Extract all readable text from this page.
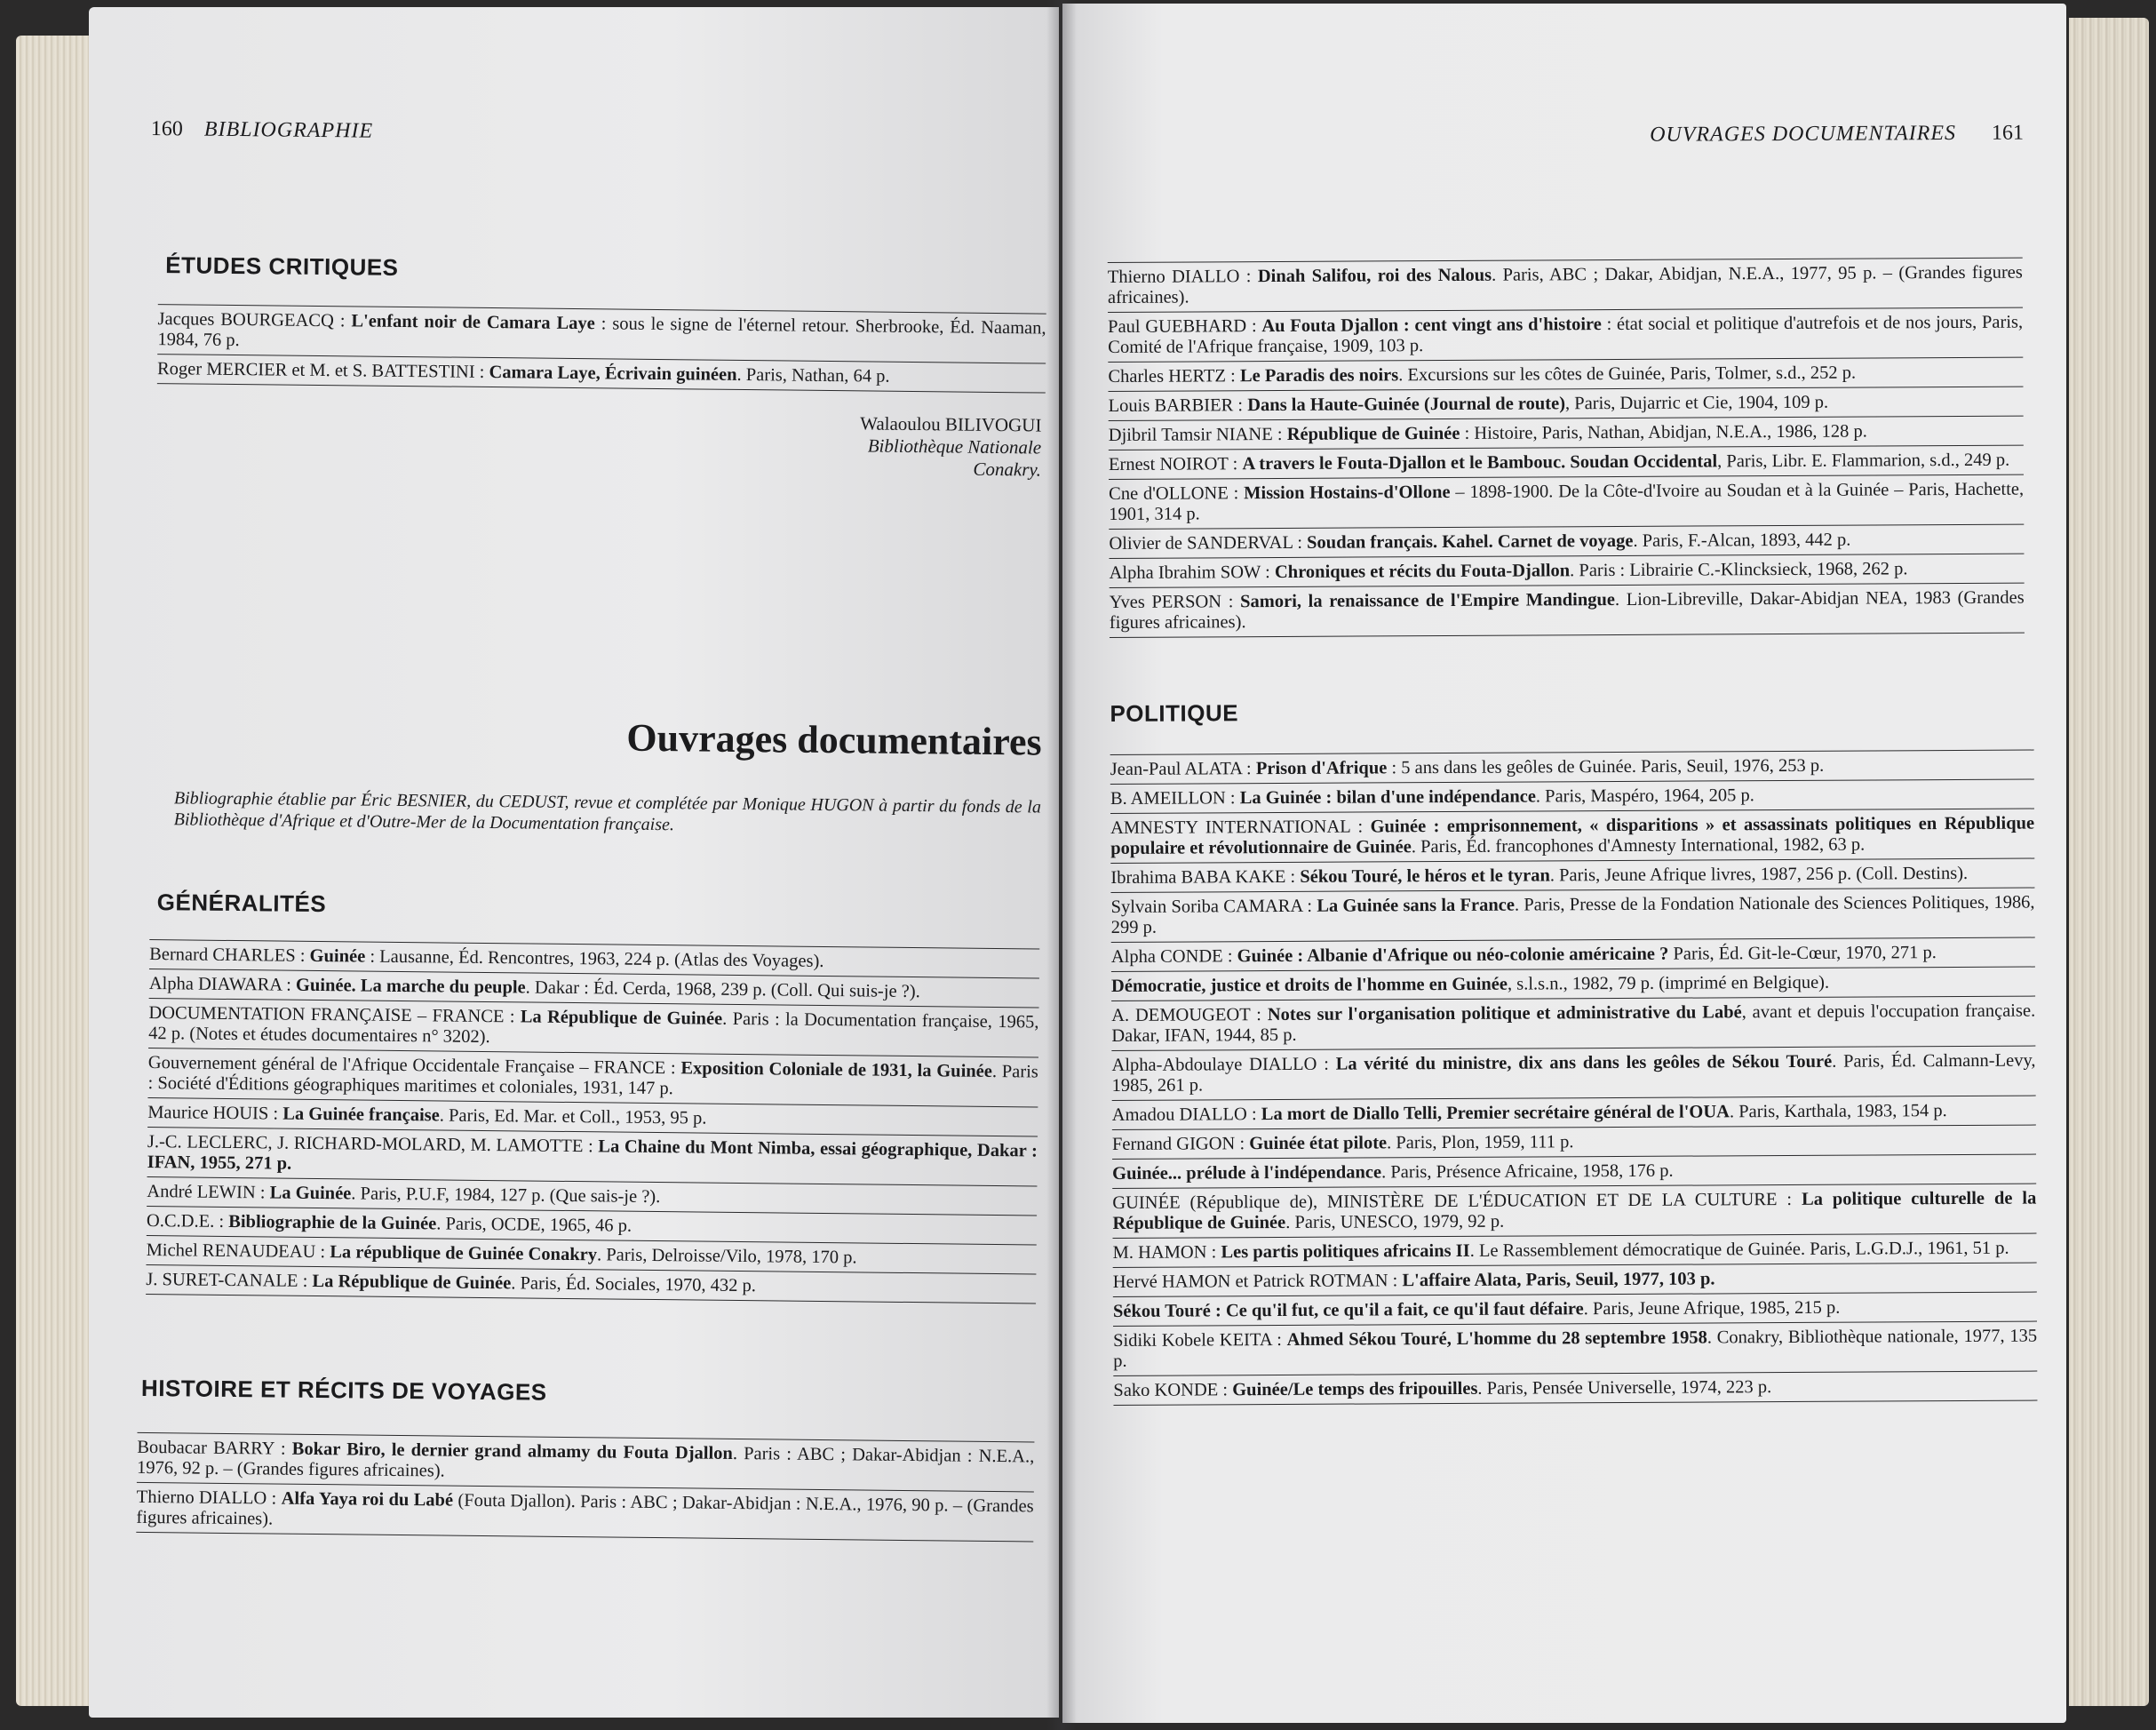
160 BIBLIOGRAPHIE
ÉTUDES CRITIQUES
Jacques BOURGEACQ : L'enfant noir de Camara Laye : sous le signe de l'éternel retour. Sherbrooke, Éd. Naaman, 1984, 76 p.
Roger MERCIER et M. et S. BATTESTINI : Camara Laye, Écrivain guinéen. Paris, Nathan, 64 p.
Walaoulou BILIVOGUI
Bibliothèque Nationale
Conakry.
Ouvrages documentaires
Bibliographie établie par Éric BESNIER, du CEDUST, revue et complétée par Monique HUGON à partir du fonds de la Bibliothèque d'Afrique et d'Outre-Mer de la Documentation française.
GÉNÉRALITÉS
Bernard CHARLES : Guinée : Lausanne, Éd. Rencontres, 1963, 224 p. (Atlas des Voyages).
Alpha DIAWARA : Guinée. La marche du peuple. Dakar : Éd. Cerda, 1968, 239 p. (Coll. Qui suis-je ?).
DOCUMENTATION FRANÇAISE – FRANCE : La République de Guinée. Paris : la Documentation française, 1965, 42 p. (Notes et études documentaires n° 3202).
Gouvernement général de l'Afrique Occidentale Française – FRANCE : Exposition Coloniale de 1931, la Guinée. Paris : Société d'Éditions géographiques maritimes et coloniales, 1931, 147 p.
Maurice HOUIS : La Guinée française. Paris, Ed. Mar. et Coll., 1953, 95 p.
J.-C. LECLERC, J. RICHARD-MOLARD, M. LAMOTTE : La Chaine du Mont Nimba, essai géographique, Dakar : IFAN, 1955, 271 p.
André LEWIN : La Guinée. Paris, P.U.F, 1984, 127 p. (Que sais-je ?).
O.C.D.E. : Bibliographie de la Guinée. Paris, OCDE, 1965, 46 p.
Michel RENAUDEAU : La république de Guinée Conakry. Paris, Delroisse/Vilo, 1978, 170 p.
J. SURET-CANALE : La République de Guinée. Paris, Éd. Sociales, 1970, 432 p.
HISTOIRE ET RÉCITS DE VOYAGES
Boubacar BARRY : Bokar Biro, le dernier grand almamy du Fouta Djallon. Paris : ABC ; Dakar-Abidjan : N.E.A., 1976, 92 p. – (Grandes figures africaines).
Thierno DIALLO : Alfa Yaya roi du Labé (Fouta Djallon). Paris : ABC ; Dakar-Abidjan : N.E.A., 1976, 90 p. – (Grandes figures africaines).
OUVRAGES DOCUMENTAIRES 161
Thierno DIALLO : Dinah Salifou, roi des Nalous. Paris, ABC ; Dakar, Abidjan, N.E.A., 1977, 95 p. – (Grandes figures africaines).
Paul GUEBHARD : Au Fouta Djallon : cent vingt ans d'histoire : état social et politique d'autrefois et de nos jours, Paris, Comité de l'Afrique française, 1909, 103 p.
Charles HERTZ : Le Paradis des noirs. Excursions sur les côtes de Guinée, Paris, Tolmer, s.d., 252 p.
Louis BARBIER : Dans la Haute-Guinée (Journal de route), Paris, Dujarric et Cie, 1904, 109 p.
Djibril Tamsir NIANE : République de Guinée : Histoire, Paris, Nathan, Abidjan, N.E.A., 1986, 128 p.
Ernest NOIROT : A travers le Fouta-Djallon et le Bambouc. Soudan Occidental, Paris, Libr. E. Flammarion, s.d., 249 p.
Cne d'OLLONE : Mission Hostains-d'Ollone – 1898-1900. De la Côte-d'Ivoire au Soudan et à la Guinée – Paris, Hachette, 1901, 314 p.
Olivier de SANDERVAL : Soudan français. Kahel. Carnet de voyage. Paris, F.-Alcan, 1893, 442 p.
Alpha Ibrahim SOW : Chroniques et récits du Fouta-Djallon. Paris : Librairie C.-Klincksieck, 1968, 262 p.
Yves PERSON : Samori, la renaissance de l'Empire Mandingue. Lion-Libreville, Dakar-Abidjan NEA, 1983 (Grandes figures africaines).
POLITIQUE
Jean-Paul ALATA : Prison d'Afrique : 5 ans dans les geôles de Guinée. Paris, Seuil, 1976, 253 p.
B. AMEILLON : La Guinée : bilan d'une indépendance. Paris, Maspéro, 1964, 205 p.
AMNESTY INTERNATIONAL : Guinée : emprisonnement, « disparitions » et assassinats politiques en République populaire et révolutionnaire de Guinée. Paris, Éd. francophones d'Amnesty International, 1982, 63 p.
Ibrahima BABA KAKE : Sékou Touré, le héros et le tyran. Paris, Jeune Afrique livres, 1987, 256 p. (Coll. Destins).
Sylvain Soriba CAMARA : La Guinée sans la France. Paris, Presse de la Fondation Nationale des Sciences Politiques, 1986, 299 p.
Alpha CONDE : Guinée : Albanie d'Afrique ou néo-colonie américaine ? Paris, Éd. Git-le-Cœur, 1970, 271 p.
Démocratie, justice et droits de l'homme en Guinée, s.l.s.n., 1982, 79 p. (imprimé en Belgique).
A. DEMOUGEOT : Notes sur l'organisation politique et administrative du Labé, avant et depuis l'occupation française. Dakar, IFAN, 1944, 85 p.
Alpha-Abdoulaye DIALLO : La vérité du ministre, dix ans dans les geôles de Sékou Touré. Paris, Éd. Calmann-Levy, 1985, 261 p.
Amadou DIALLO : La mort de Diallo Telli, Premier secrétaire général de l'OUA. Paris, Karthala, 1983, 154 p.
Fernand GIGON : Guinée état pilote. Paris, Plon, 1959, 111 p.
Guinée... prélude à l'indépendance. Paris, Présence Africaine, 1958, 176 p.
GUINÉE (République de), MINISTÈRE DE L'ÉDUCATION ET DE LA CULTURE : La politique culturelle de la République de Guinée. Paris, UNESCO, 1979, 92 p.
M. HAMON : Les partis politiques africains II. Le Rassemblement démocratique de Guinée. Paris, L.G.D.J., 1961, 51 p.
Hervé HAMON et Patrick ROTMAN : L'affaire Alata, Paris, Seuil, 1977, 103 p.
Sékou Touré : Ce qu'il fut, ce qu'il a fait, ce qu'il faut défaire. Paris, Jeune Afrique, 1985, 215 p.
Sidiki Kobele KEITA : Ahmed Sékou Touré, L'homme du 28 septembre 1958. Conakry, Bibliothèque nationale, 1977, 135 p.
Sako KONDE : Guinée/Le temps des fripouilles. Paris, Pensée Universelle, 1974, 223 p.
